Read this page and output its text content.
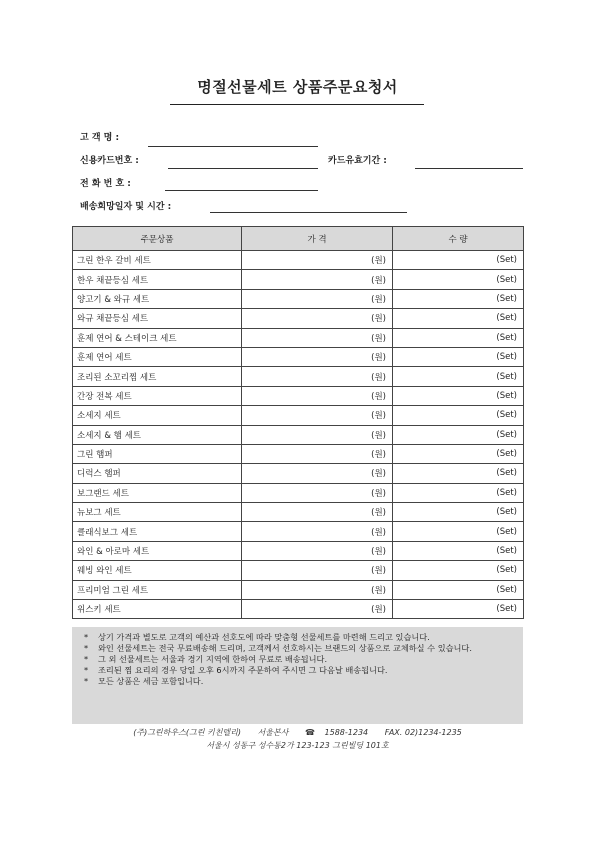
명절선물세트 상품주문요청서
고 객 명 :
신용카드번호 :	카드유효기간 :
전 화 번 호 :
배송희망일자 및 시간 :
주문상품	가 격	수 량
그린 한우 갈비 세트	(원)	(Set)
한우 채끝등심 세트	(원)	(Set)
양고기 & 와규 세트	(원)	(Set)
와규 채끝등심 세트	(원)	(Set)
훈제 연어 & 스테이크 세트	(원)	(Set)
훈제 연어 세트	(원)	(Set)
조리된 소꼬리찜 세트	(원)	(Set)
간장 전복 세트	(원)	(Set)
소세지 세트	(원)	(Set)
소세지 & 햄 세트	(원)	(Set)
그린 햄퍼	(원)	(Set)
디럭스 햄퍼	(원)	(Set)
보그랜드 세트	(원)	(Set)
뉴보그 세트	(원)	(Set)
클래식보그 세트	(원)	(Set)
와인 & 아로마 세트	(원)	(Set)
웨빙 와인 세트	(원)	(Set)
프리미엄 그린 세트	(원)	(Set)
위스키 세트	(원)	(Set)
*	상기 가격과 별도로 고객의 예산과 선호도에 따라 맞춤형 선물세트를 마련해 드리고 있습니다.
*	와인 선물세트는 전국 무료배송해 드리며, 고객께서 선호하시는 브랜드의 상품으로 교체하실 수 있습니다.
*	그 외 선물세트는 서울과 경기 지역에 한하여 무료로 배송됩니다.
*	조리된 찜 요리의 경우 당일 오후 6시까지 주문하여 주시면 그 다음날 배송됩니다.
*	모든 상품은 세금 포함입니다.
(주)그린하우스(그린 키친델리) 서울본사 ☎ 1588-1234 FAX. 02)1234-1235
서울시 성동구 성수동2가 123-123 그린빌딩 101호
